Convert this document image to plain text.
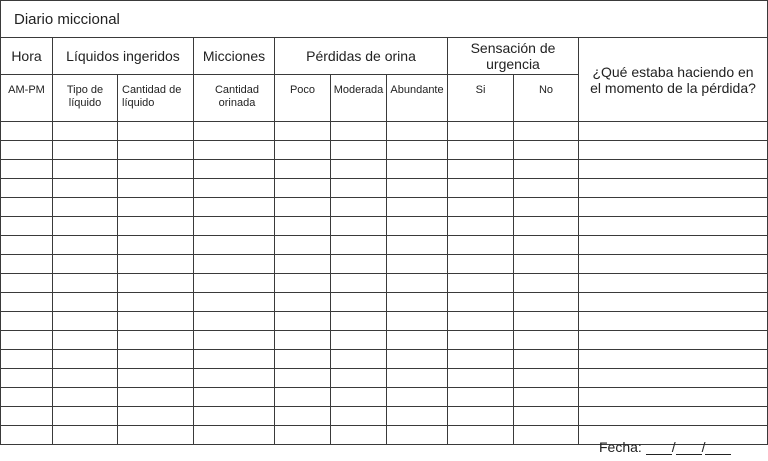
Diario miccional									
Hora	Líquidos ingeridos		Micciones	Pérdidas de orina			Sensación de urgencia		¿Qué estaba haciendo en el momento de la pérdida?
AM-PM	Tipo de líquido	Cantidad de líquido	Cantidad orinada	Poco	Moderada	Abundante	Si	No	

Fecha: / /
